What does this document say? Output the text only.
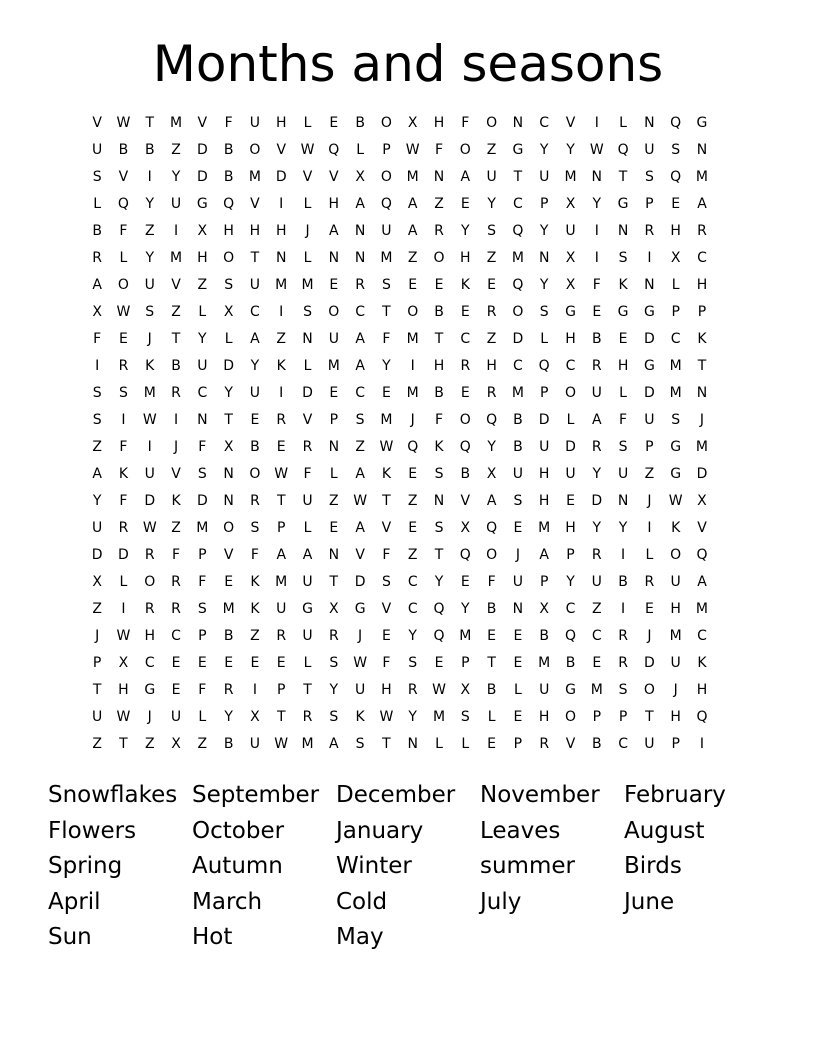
Months and seasons
V	W	T	M	V	F	U	H	L	E	B	O	X	H	F	O	N	C	V	I	L	N	Q	G
U	B	B	Z	D	B	O	V	W Q	L	P	W	F	O	Z	G	Y	Y	W Q	U	S	N
S	V	I	Y	D	B	M	D	V	V	X	O	M	N	A	U	T	U	M	N	T	S	Q	M
L	Q	Y	U	G	Q	V	I	L	H	A	Q	A	Z	E	Y	C	P	X	Y	G	P	E	A
B	F	Z	I	X	H	H	H	J	A	N	U	A	R	Y	S	Q	Y	U	I	N	R	H	R
R	L	Y	M	H	O	T	N	L	N	N	M	Z	O	H	Z	M	N	X	I	S	I	X	C
A	O	U	V	Z	S	U	M	M	E	R	S	E	E	K	E	Q	Y	X	F	K	N	L	H
X	W	S	Z	L	X	C	I	S	O	C	T	O	B	E	R	O	S	G	E	G	G	P	P
F	E	J	T	Y	L	A	Z	N	U	A	F	M	T	C	Z	D	L	H	B	E	D	C	K
I	R	K	B	U	D	Y	K	L	M	A	Y	I	H	R	H	C	Q	C	R	H	G	M	T
S	S	M	R	C	Y	U	I	D	E	C	E	M	B	E	R	M	P	O	U	L	D	M	N
S	I	W	I	N	T	E	R	V	P	S	M	J	F	O	Q	B	D	L	A	F	U	S	J
Z	F	I	J	F	X	B	E	R	N	Z	W Q	K	Q	Y	B	U	D	R	S	P	G	M
A	K	U	V	S	N	O W	F	L	A	K	E	S	B	X	U	H	U	Y	U	Z	G	D
Y	F	D	K	D	N	R	T	U	Z	W	T	Z	N	V	A	S	H	E	D	N	J	W	X
U	R	W	Z	M	O	S	P	L	E	A	V	E	S	X	Q	E	M	H	Y	Y	I	K	V
D	D	R	F	P	V	F	A	A	N	V	F	Z	T	Q	O	J	A	P	R	I	L	O	Q
X	L	O	R	F	E	K	M	U	T	D	S	C	Y	E	F	U	P	Y	U	B	R	U	A
Z	I	R	R	S	M	K	U	G	X	G	V	C	Q	Y	B	N	X	C	Z	I	E	H	M
J	W	H	C	P	B	Z	R	U	R	J	E	Y	Q	M	E	E	B	Q	C	R	J	M	C
P	X	C	E	E	E	E	E	L	S	W	F	S	E	P	T	E	M	B	E	R	D	U	K
T	H	G	E	F	R	I	P	T	Y	U	H	R	W	X	B	L	U	G	M	S	O	J	H
U	W	J	U	L	Y	X	T	R	S	K	W	Y	M	S	L	E	H	O	P	P	T	H	Q
Z	T	Z	X	Z	B	U	W M	A	S	T	N	L	L	E	P	R	V	B	C	U	P	I
Snowflakes September December	November	February
Flowers	October	January	Leaves	August
Spring	Autumn	Winter	summer	Birds
April	March	Cold	July	June
Sun	Hot	May
